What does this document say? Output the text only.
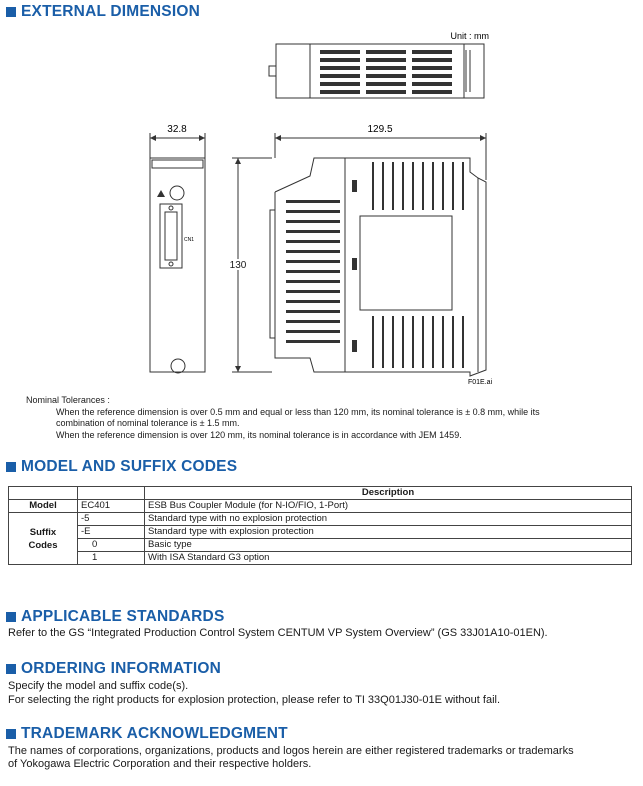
EXTERNAL DIMENSION
Unit : mm
32.8
CN1
130
129.5
F01E.ai
Nominal Tolerances :
When the reference dimension is over 0.5 mm and equal or less than 120 mm, its nominal tolerance is ± 0.8 mm, while its
combination of nominal tolerance is ± 1.5 mm.
When the reference dimension is over 120 mm, its nominal tolerance is in accordance with JEM 1459.
MODEL AND SUFFIX CODES
		Description
Model	EC401	ESB Bus Coupler Module (for N-IO/FIO, 1-Port)
Suffix
Codes	-5	Standard type with no explosion protection
	-E	Standard type with explosion protection
	0	Basic type
	1	With ISA Standard G3 option
APPLICABLE STANDARDS
Refer to the GS “Integrated Production Control System CENTUM VP System Overview” (GS 33J01A10-01EN).
ORDERING INFORMATION
Specify the model and suffix code(s).
For selecting the right products for explosion protection, please refer to TI 33Q01J30-01E without fail.
TRADEMARK ACKNOWLEDGMENT
The names of corporations, organizations, products and logos herein are either registered trademarks or trademarks
of Yokogawa Electric Corporation and their respective holders.
